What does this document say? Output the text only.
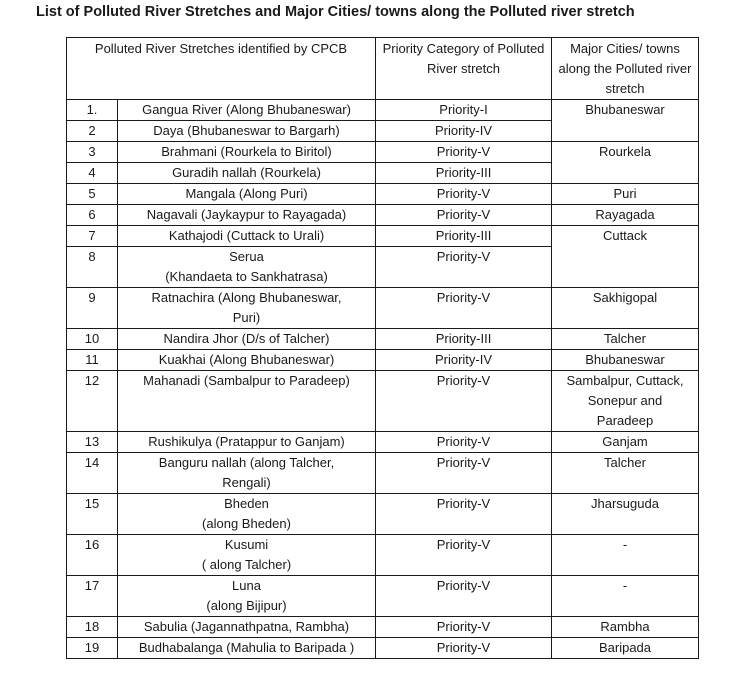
List of Polluted River Stretches and Major Cities/ towns along the Polluted river stretch
Polluted River Stretches identified by CPCB		Priority Category of Polluted River stretch	Major Cities/ towns along the Polluted river stretch
1.	Gangua River (Along Bhubaneswar)	Priority-I	Bhubaneswar
2	Daya (Bhubaneswar to Bargarh)	Priority-IV	
3	Brahmani (Rourkela to Biritol)	Priority-V	Rourkela
4	Guradih nallah (Rourkela)	Priority-III	
5	Mangala (Along Puri)	Priority-V	Puri
6	Nagavali (Jaykaypur to Rayagada)	Priority-V	Rayagada
7	Kathajodi (Cuttack to Urali)	Priority-III	Cuttack
8	Serua
(Khandaeta to Sankhatrasa)	Priority-V	
9	Ratnachira (Along Bhubaneswar,
Puri)	Priority-V	Sakhigopal
10	Nandira Jhor (D/s of Talcher)	Priority-III	Talcher
11	Kuakhai (Along Bhubaneswar)	Priority-IV	Bhubaneswar
12	Mahanadi (Sambalpur to Paradeep)	Priority-V	Sambalpur, Cuttack,
Sonepur and
Paradeep
13	Rushikulya (Pratappur to Ganjam)	Priority-V	Ganjam
14	Banguru nallah (along Talcher,
Rengali)	Priority-V	Talcher
15	Bheden
(along Bheden)	Priority-V	Jharsuguda
16	Kusumi
( along Talcher)	Priority-V	-
17	Luna
(along Bijipur)	Priority-V	-
18	Sabulia (Jagannathpatna, Rambha)	Priority-V	Rambha
19	Budhabalanga (Mahulia to Baripada )	Priority-V	Baripada
